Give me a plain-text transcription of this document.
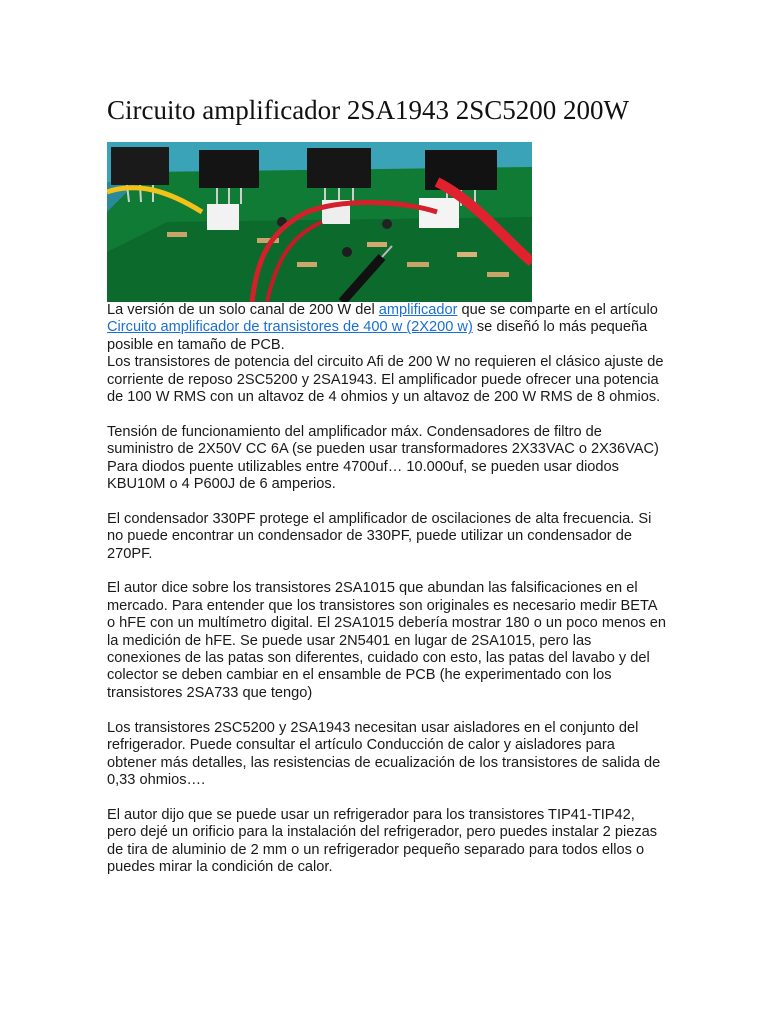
Circuito amplificador 2SA1943 2SC5200 200W

La versión de un solo canal de 200 W del amplificador que se comparte en el artículo Circuito amplificador de transistores de 400 w (2X200 w) se diseñó lo más pequeña posible en tamaño de PCB.

Los transistores de potencia del circuito Afi de 200 W no requieren el clásico ajuste de corriente de reposo 2SC5200 y 2SA1943. El amplificador puede ofrecer una potencia de 100 W RMS con un altavoz de 4 ohmios y un altavoz de 200 W RMS de 8 ohmios.

Tensión de funcionamiento del amplificador máx. Condensadores de filtro de suministro de 2X50V CC 6A (se pueden usar transformadores 2X33VAC o 2X36VAC) Para diodos puente utilizables entre 4700uf… 10.000uf, se pueden usar diodos KBU10M o 4 P600J de 6 amperios.

El condensador 330PF protege el amplificador de oscilaciones de alta frecuencia. Si no puede encontrar un condensador de 330PF, puede utilizar un condensador de 270PF.

El autor dice sobre los transistores 2SA1015 que abundan las falsificaciones en el mercado. Para entender que los transistores son originales es necesario medir BETA o hFE con un multímetro digital. El 2SA1015 debería mostrar 180 o un poco menos en la medición de hFE. Se puede usar 2N5401 en lugar de 2SA1015, pero las conexiones de las patas son diferentes, cuidado con esto, las patas del lavabo y del colector se deben cambiar en el ensamble de PCB (he experimentado con los transistores 2SA733 que tengo)

Los transistores 2SC5200 y 2SA1943 necesitan usar aisladores en el conjunto del refrigerador. Puede consultar el artículo Conducción de calor y aisladores para obtener más detalles, las resistencias de ecualización de los transistores de salida de 0,33 ohmios….

El autor dijo que se puede usar un refrigerador para los transistores TIP41-TIP42, pero dejé un orificio para la instalación del refrigerador, pero puedes instalar 2 piezas de tira de aluminio de 2 mm o un refrigerador pequeño separado para todos ellos o puedes mirar la condición de calor.
